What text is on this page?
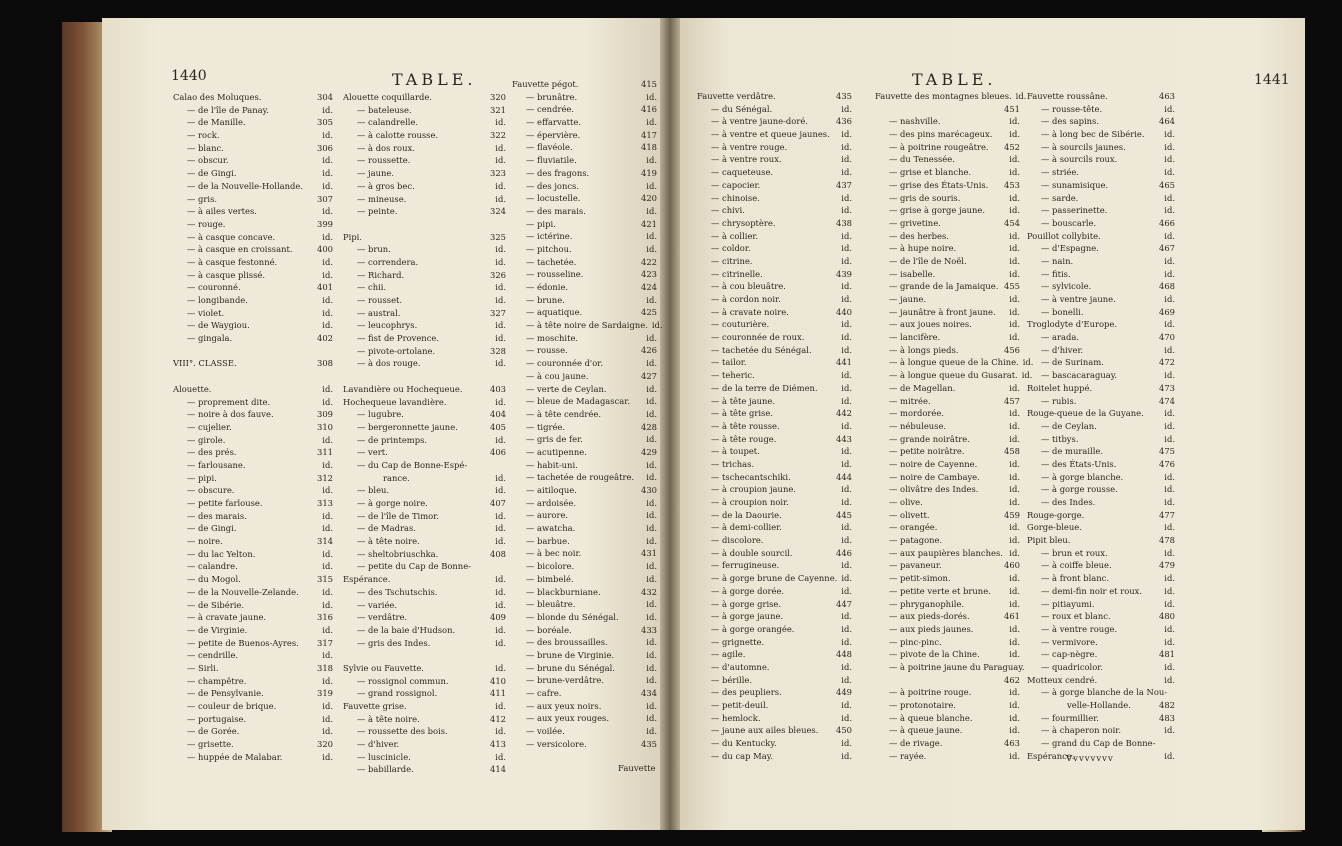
1440	TABLE.	TABLE.	1441
Calao des Moluques.	304
— de l'île de Panay.	id.
— de Manille.	305
— rock.	id.
— blanc.	306
— obscur.	id.
— de Gingi.	id.
— de la Nouvelle-Hollande. id.
— gris.	307
— à ailes vertes.	id.
— rouge.	399
— à casque concave.	id.
— à casque en croissant.	400
— à casque festonné.	id.
— à casque plissé.	id.
— couronné.	401
— longibande.	id.
— violet.	id.
— de Waygiou.	id.
— gingala.	402
VIII°. CLASSE.	308
Alouette.	id.
— proprement dite.	id.
— noire à dos fauve.	309
— cujelier.	310
— girole.	id.
— des prés.	311
— farlousane.	id.
— pipi.	312
— obscure.	id.
— petite farlouse.	313
— des marais.	id.
— de Gingi.	id.
— noire.	314
— du lac Yelton.	id.
— calandre.	id.
— du Mogol.	315
— de la Nouvelle-Zelande.	id.
— de Sibérie.	id.
— à cravate jaune.	316
— de Virginie.	id.
— petite de Buenos-Ayres. 317
— cendrille.	id.
— Sirli.	318
— champêtre.	id.
— de Pensylvanie.	319
— couleur de brique.	id.
— portugaise.	id.
— de Gorée.	id.
— grisette.	320
— huppée de Malabar.	id.
Alouette coquillarde.	320
— bateleuse.	321
— calandrelle.	id.
— à calotte rousse.	322
— à dos roux.	id.
— roussette.	id.
— jaune.	323
— à gros bec.	id.
— mineuse.	id.
— peinte.	324
Pipi.	325
— brun.	id.
— correndera.	id.
— Richard.	326
— chii.	id.
— rousset.	id.
— austral.	327
— leucophrys.	id.
— fist de Provence.	id.
— pivote-ortolane.	328
— à dos rouge.	id.
Lavandière ou Hochequeue.	403
Hochequeue lavandière.	id.
— lugubre.	404
— bergeronnette jaune.	405
— de printemps.	id.
— vert.	406
— du Cap de Bonne-Espé-
rance.	id.
— bleu.	id.
— à gorge noire.	407
— de l'île de Timor.	id.
— de Madras.	id.
— à tête noire.	id.
— sheltobriuschka.	408
— petite du Cap de Bonne-
Espérance.	id.
— des Tschutschis.	id.
— variée.	id.
— verdâtre.	409
— de la baie d'Hudson.	id.
— gris des Indes.	id.
Sylvie ou Fauvette.	id.
— rossignol commun.	410
— grand rossignol.	411
Fauvette grise.	id.
— à tête noire.	412
— roussette des bois.	id.
— d'hiver.	413
— luscinicle.	id.
— babillarde.	414
Fauvette pégot.	415
— brunâtre.	id.
— cendrée.	416
— effarvatte.	id.
— épervière.	417
— flavéole.	418
— fluviatile.	id.
— des fragons.	419
— des joncs.	id.
— locustelle.	420
— des marais.	id.
— pipi.	421
— ictérine.	id.
— pitchou.	id.
— tachetée.	422
— rousseline.	423
— édonie.	424
— brune.	id.
— aquatique.	425
— à tête noire de Sardaigne. id.
— moschite.	id.
— rousse.	426
— couronnée d'or.	id.
— à cou jaune.	427
— verte de Ceylan.	id.
— bleue de Madagascar. id.
— à tête cendrée.	id.
— tigrée.	428
— gris de fer.	id.
— acutipenne.	429
— habit-uni.	id.
— tachetée de rougeâtre. id.
— aitiloque.	430
— ardoisée.	id.
— aurore.	id.
— awatcha.	id.
— barbue.	id.
— à bec noir.	431
— bicolore.	id.
— bimbelé.	id.
— blackburniane.	432
— bleuâtre.	id.
— blonde du Sénégal.	id.
— boréale.	433
— des broussailles.	id.
— brune de Virginie.	id.
— brune du Sénégal.	id.
— brune-verdâtre.	id.
— cafre.	434
— aux yeux noirs.	id.
— aux yeux rouges.	id.
— voilée.	id.
— versicolore.	435
Fauvette
Fauvette verdâtre.	435
— du Sénégal.	id.
— à ventre jaune-doré.	436
— à ventre et queue jaunes. id.
— à ventre rouge.	id.
— à ventre roux.	id.
— caqueteuse.	id.
— capocier.	437
— chinoise.	id.
— chivi.	id.
— chrysoptère.	438
— à collier.	id.
— coldor.	id.
— citrine.	id.
— citrinelle.	439
— à cou bleuâtre.	id.
— à cordon noir.	id.
— à cravate noire.	440
— couturière.	id.
— couronnée de roux.	id.
— tachetée du Sénégal.	id.
— tailor.	441
— teheric.	id.
— de la terre de Diémen.	id.
— à tête jaune.	id.
— à tête grise.	442
— à tête rousse.	id.
— à tête rouge.	443
— à toupet.	id.
— trichas.	id.
— tschecantschiki.	444
— à croupion jaune.	id.
— à croupion noir.	id.
— de la Daourie.	445
— à demi-collier.	id.
— discolore.	id.
— à double sourcil.	446
— ferrugineuse.	id.
— à gorge brune de Cayenne. id.
— à gorge dorée.	id.
— à gorge grise.	447
— à gorge jaune.	id.
— à gorge orangée.	id.
— grignette.	id.
— agile.	448
— d'automne.	id.
— bérille.	id.
— des peupliers.	449
— petit-deuil.	id.
— hemlock.	id.
— jaune aux ailes bleues. 450
— du Kentucky.	id.
— du cap May.	id.
Fauvette des montagnes bleues. id.
451
— nashville.	id.
— des pins marécageux. id.
— à poitrine rougeâtre. 452
— du Tenessée.	id.
— grise et blanche.	id.
— grise des États-Unis. 453
— gris de souris.	id.
— grise à gorge jaune.	id.
— grivetine.	454
— des herbes.	id.
— à hupe noire.	id.
— de l'île de Noël.	id.
— isabelle.	id.
— grande de la Jamaique. 455
— jaune.	id.
— jaunâtre à front jaune. id.
— aux joues noires.	id.
— lancifère.	id.
— à longs pieds.	456
— à longue queue de la Chine. id.
— à longue queue du Gusarat. id.
— de Magellan.	id.
— mitrée.	457
— mordorée.	id.
— nébuleuse.	id.
— grande noirâtre.	id.
— petite noirâtre.	458
— noire de Cayenne.	id.
— noire de Cambaye.	id.
— olivâtre des Indes.	id.
— olive.	id.
— olivett.	459
— orangée.	id.
— patagone.	id.
— aux paupières blanches. id.
— pavaneur.	460
— petit-simon.	id.
— petite verte et brune. id.
— phryganophile.	id.
— aux pieds-dorés.	461
— aux pieds jaunes.	id.
— pinc-pinc.	id.
— pivote de la Chine.	id.
— à poitrine jaune du Paraguay.
462
— à poitrine rouge.	id.
— protonotaire.	id.
— à queue blanche.	id.
— à queue jaune.	id.
— de rivage.	463
— rayée.	id.
Fauvette roussâne.	463
— rousse-tête.	id.
— des sapins.	464
— à long bec de Sibérie. id.
— à sourcils jaunes.	id.
— à sourcils roux.	id.
— striée.	id.
— sunamisique.	465
— sarde.	id.
— passerinette.	id.
— bouscarle.	466
Pouillot collybite.	id.
— d'Espagne.	467
— nain.	id.
— fitis.	id.
— sylvicole.	468
— à ventre jaune.	id.
— bonelli.	469
Troglodyte d'Europe.	id.
— arada.	470
— d'hiver.	id.
— de Surinam.	472
— bascacaraguay.	id.
Roitelet huppé.	473
— rubis.	474
Rouge-queue de la Guyane. id.
— de Ceylan.	id.
— titbys.	id.
— de muraille.	475
— des États-Unis.	476
— à gorge blanche.	id.
— à gorge rousse.	id.
— des Indes.	id.
Rouge-gorge.	477
Gorge-bleue.	id.
Pipit bleu.	478
— brun et roux.	id.
— à coiffe bleue.	479
— à front blanc.	id.
— demi-fin noir et roux.	id.
— pitiayumi.	id.
— roux et blanc.	480
— à ventre rouge.	id.
— vermivore.	id.
— cap-nègre.	481
— quadricolor.	id.
Motteux cendré.	id.
— à gorge blanche de la Nou-
velle-Hollande.	482
— fourmillier.	483
— à chaperon noir.	id.
— grand du Cap de Bonne-
Espérance.	id.
Vvvvvvvv
